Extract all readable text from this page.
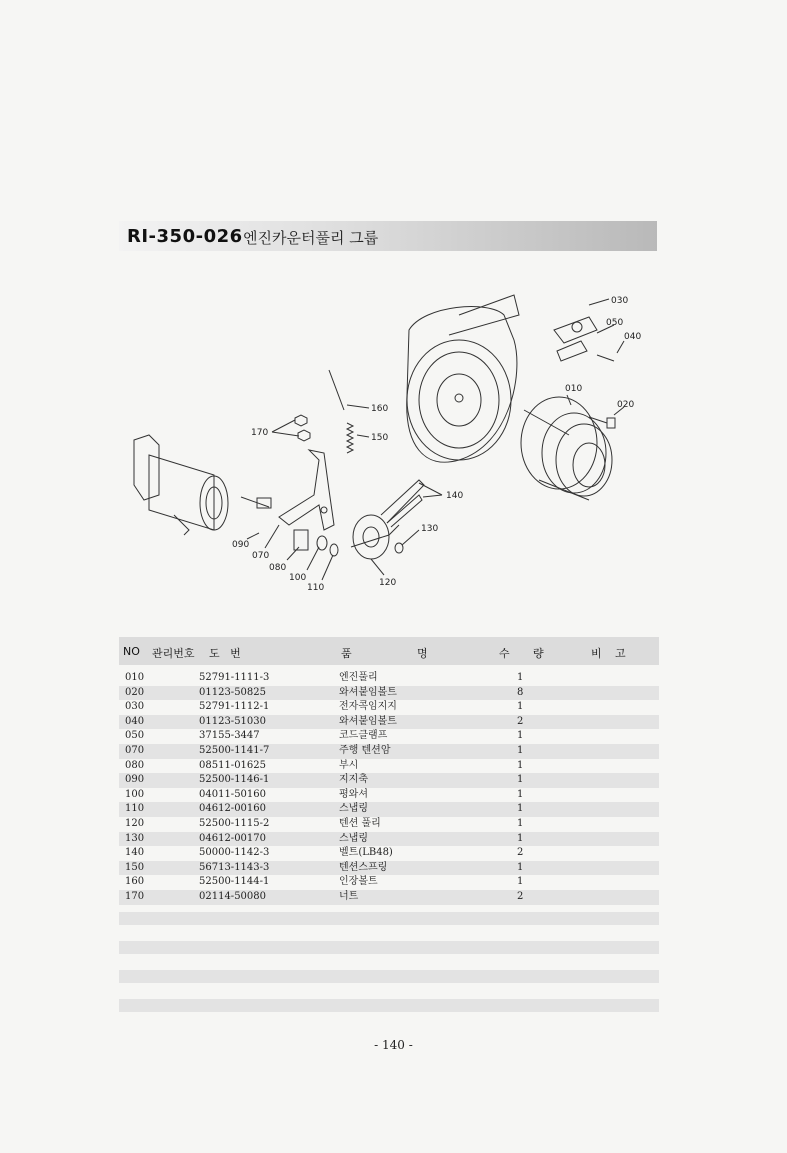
RI-350-026 엔진카운터풀리 그룹
030
050
040
010
020
160
150
170
140
130
090
070
080
100
110	120
NO 관리번호 도   번	품	명	수 량	비 고
010	52791-1111-3	엔진풀리	1
020	01123-50825	와셔붙임볼트	8
030	52791-1112-1	전자콕임지지	1
040	01123-51030	와셔붙임볼트	2
050	37155-3447	코드클램프	1
070	52500-1141-7	주행 텐션암	1
080	08511-01625	부시	1
090	52500-1146-1	지지축	1
100	04011-50160	평와셔	1
110	04612-00160	스냅링	1
120	52500-1115-2	텐션 풀리	1
130	04612-00170	스냅링	1
140	50000-1142-3	벨트(LB48)	2
150	56713-1143-3	텐션스프링	1
160	52500-1144-1	인장볼트	1
170	02114-50080	너트	2
- 140 -
